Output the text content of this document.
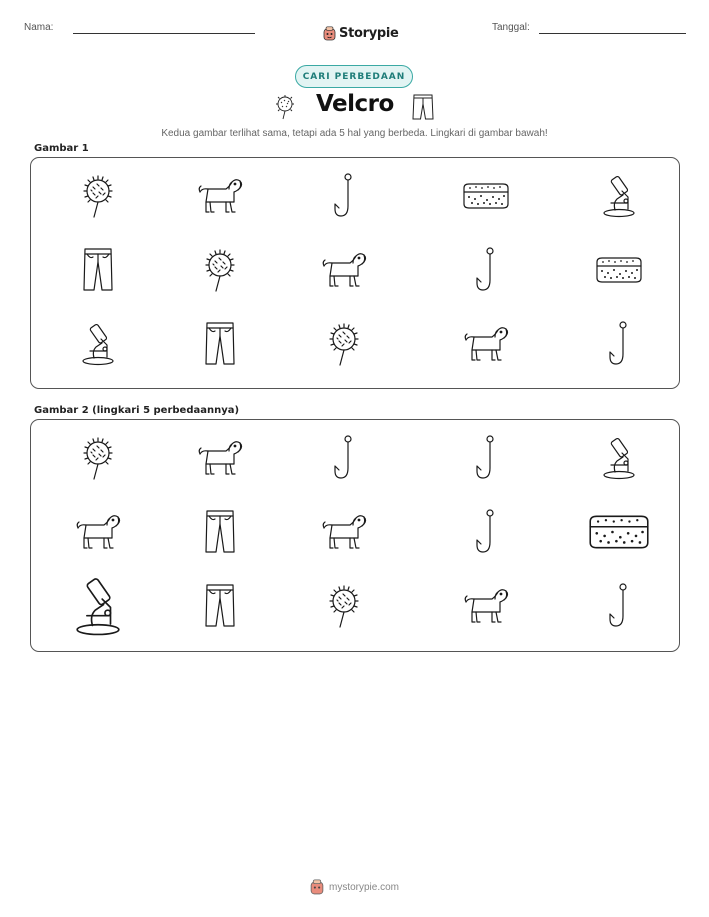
Nama:	Storypie	Tanggal:
CARI PERBEDAAN
Velcro
Kedua gambar terlihat sama, tetapi ada 5 hal yang berbeda. Lingkari di gambar bawah!
Gambar 1
Gambar 2 (lingkari 5 perbedaannya)
mystorypie.com
